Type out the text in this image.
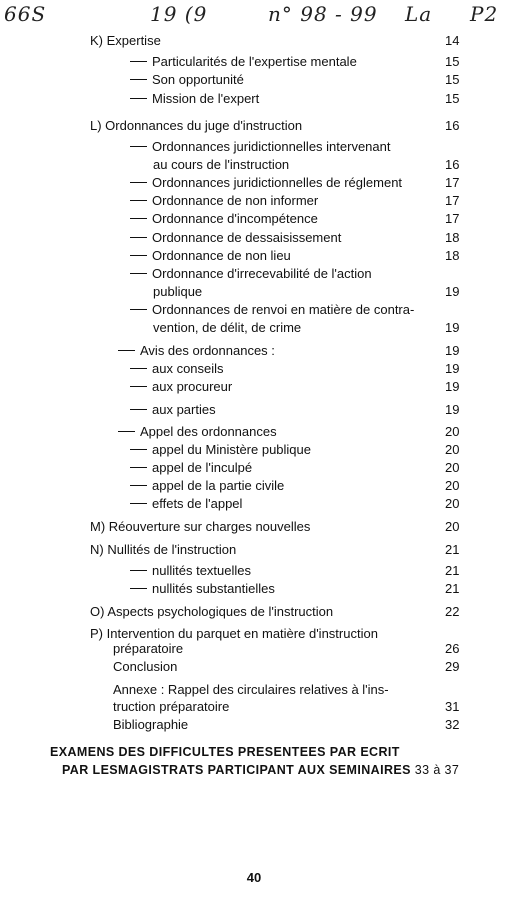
66S	19 (9	n° 98 - 99 La P2
K) Expertise	14
Particularités de l'expertise mentale	15
Son opportunité	15
Mission de l'expert	15
L) Ordonnances du juge d'instruction	16
Ordonnances juridictionnelles intervenant
au cours de l'instruction	16
Ordonnances juridictionnelles de réglement	17
Ordonnance de non informer	17
Ordonnance d'incompétence	17
Ordonnance de dessaisissement	18
Ordonnance de non lieu	18
Ordonnance d'irrecevabilité de l'action
publique	19
Ordonnances de renvoi en matière de contra-
vention, de délit, de crime	19
Avis des ordonnances :	19
aux conseils	19
aux procureur	19
aux parties	19
Appel des ordonnances	20
appel du Ministère publique	20
appel de l'inculpé	20
appel de la partie civile	20
effets de l'appel	20
M) Réouverture sur charges nouvelles	20
N) Nullités de l'instruction	21
nullités textuelles	21
nullités substantielles	21
O) Aspects psychologiques de l'instruction	22
P) Intervention du parquet en matière d'instruction
préparatoire	26
Conclusion	29
Annexe : Rappel des circulaires relatives à l'ins-
truction préparatoire	31
Bibliographie	32
EXAMENS DES DIFFICULTES PRESENTEES PAR ECRIT
PAR LESMAGISTRATS PARTICIPANT AUX SEMINAIRES 33 à 37
40
